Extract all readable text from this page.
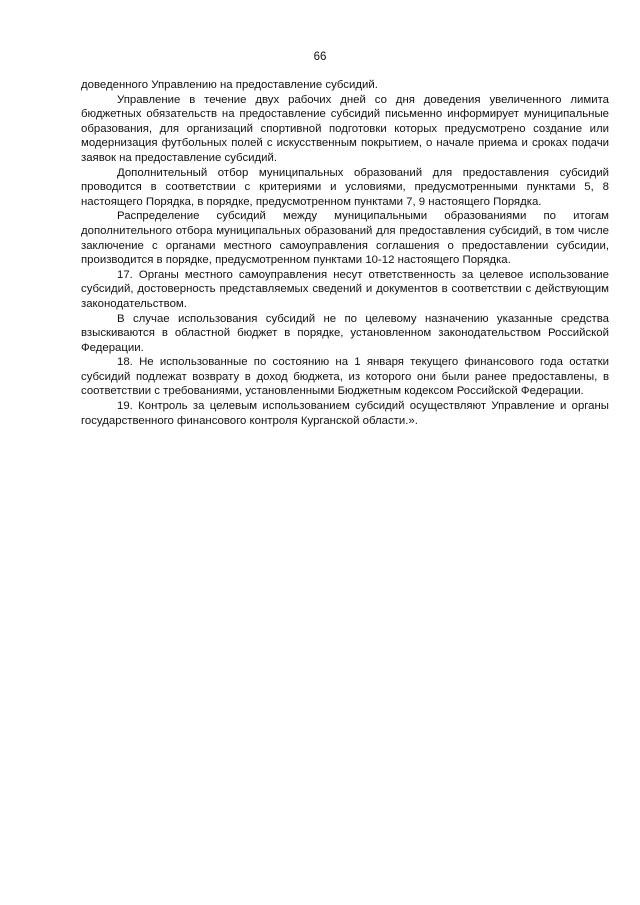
66

доведенного Управлению на предоставление субсидий.

Управление в течение двух рабочих дней со дня доведения увеличенного лимита бюджетных обязательств на предоставление субсидий письменно информирует муниципальные образования, для организаций спортивной подготовки которых предусмотрено создание или модернизация футбольных полей с искусственным покрытием, о начале приема и сроках подачи заявок на предоставление субсидий.

Дополнительный отбор муниципальных образований для предоставления субсидий проводится в соответствии с критериями и условиями, предусмотренными пунктами 5, 8 настоящего Порядка, в порядке, предусмотренном пунктами 7, 9 настоящего Порядка.

Распределение субсидий между муниципальными образованиями по итогам дополнительного отбора муниципальных образований для предоставления субсидий, в том числе заключение с органами местного самоуправления соглашения о предоставлении субсидии, производится в порядке, предусмотренном пунктами 10-12 настоящего Порядка.

17. Органы местного самоуправления несут ответственность за целевое использование субсидий, достоверность представляемых сведений и документов в соответствии с действующим законодательством.

В случае использования субсидий не по целевому назначению указанные средства взыскиваются в областной бюджет в порядке, установленном законодательством Российской Федерации.

18. Не использованные по состоянию на 1 января текущего финансового года остатки субсидий подлежат возврату в доход бюджета, из которого они были ранее предоставлены, в соответствии с требованиями, установленными Бюджетным кодексом Российской Федерации.

19. Контроль за целевым использованием субсидий осуществляют Управление и органы государственного финансового контроля Курганской области.».
